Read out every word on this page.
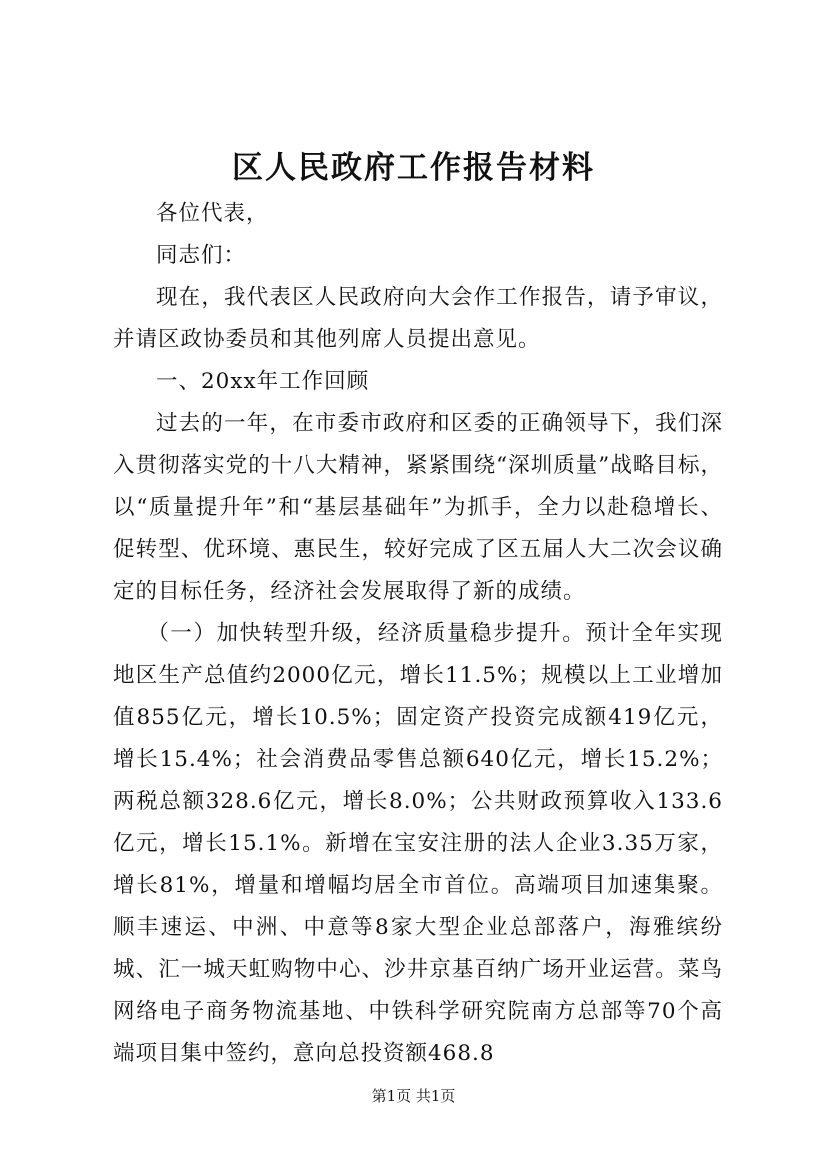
区人民政府工作报告材料

各位代表，

同志们：

现在，我代表区人民政府向大会作工作报告，请予审议，并请区政协委员和其他列席人员提出意见。

一、20xx年工作回顾

过去的一年，在市委市政府和区委的正确领导下，我们深入贯彻落实党的十八大精神，紧紧围绕“深圳质量”战略目标，以“质量提升年”和“基层基础年”为抓手，全力以赴稳增长、促转型、优环境、惠民生，较好完成了区五届人大二次会议确定的目标任务，经济社会发展取得了新的成绩。

（一）加快转型升级，经济质量稳步提升。预计全年实现地区生产总值约2000亿元，增长11.5%；规模以上工业增加值855亿元，增长10.5%；固定资产投资完成额419亿元，增长15.4%；社会消费品零售总额640亿元，增长15.2%；两税总额328.6亿元，增长8.0%；公共财政预算收入133.6亿元，增长15.1%。新增在宝安注册的法人企业3.35万家，增长81%，增量和增幅均居全市首位。高端项目加速集聚。顺丰速运、中洲、中意等8家大型企业总部落户，海雅缤纷城、汇一城天虹购物中心、沙井京基百纳广场开业运营。菜鸟网络电子商务物流基地、中铁科学研究院南方总部等70个高端项目集中签约，意向总投资额468.8

第1页 共1页
